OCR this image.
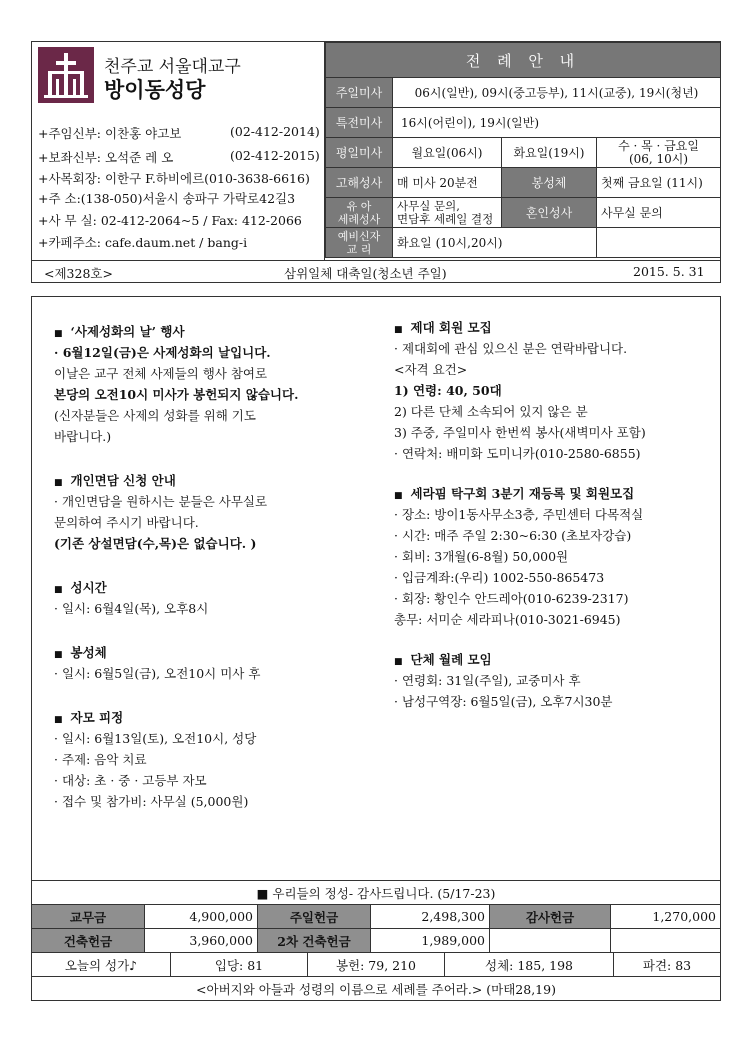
천주교 서울대교구
방이동성당
+주임신부: 이찬홍 야고보	(02-412-2014)
+보좌신부: 오석준 레 오	(02-412-2015)
+사목회장: 이한구 F.하비에르(010-3638-6616)
+주 소:(138-050)서울시 송파구 가락로42길3
+사 무 실: 02-412-2064~5 / Fax: 412-2066
+카페주소: cafe.daum.net / bang-i
전 례 안 내			
주일미사	06시(일반), 09시(중고등부), 11시(교중), 19시(청년)		
특전미사	16시(어린이), 19시(일반)		
평일미사	월요일(06시)	화요일(19시)	수 · 목 · 금요일
(06, 10시)
고해성사	매 미사 20분전	봉성체	첫째 금요일 (11시)
유 아
세례성사	사무실 문의,
면담후 세례일 결정	혼인성사	사무실 문의
예비신자
교 리	화요일 (10시,20시)		
<제328호>	삼위일체 대축일(청소년 주일)	2015. 5. 31
■ ‘사제성화의 날’ 행사
· 6월12일(금)은 사제성화의 날입니다.
이날은 교구 전체 사제들의 행사 참여로
본당의 오전10시 미사가 봉헌되지 않습니다.
(신자분들은 사제의 성화를 위해 기도
바랍니다.)
■ 개인면담 신청 안내
· 개인면담을 원하시는 분들은 사무실로
문의하여 주시기 바랍니다.
(기존 상설면담(수,목)은 없습니다. )
■ 성시간
· 일시: 6월4일(목), 오후8시
■ 봉성체
· 일시: 6월5일(금), 오전10시 미사 후
■ 자모 피정
· 일시: 6월13일(토), 오전10시, 성당
· 주제: 음악 치료
· 대상: 초 · 중 · 고등부 자모
· 접수 및 참가비: 사무실 (5,000원)
■ 제대 회원 모집
· 제대회에 관심 있으신 분은 연락바랍니다.
<자격 요건>
1) 연령: 40, 50대
2) 다른 단체 소속되어 있지 않은 분
3) 주중, 주일미사 한번씩 봉사(새벽미사 포함)
· 연락처: 배미화 도미니카(010-2580-6855)
■ 세라핌 탁구회 3분기 재등록 및 회원모집
· 장소: 방이1동사무소3층, 주민센터 다목적실
· 시간: 매주 주일 2:30~6:30 (초보자강습)
· 회비: 3개월(6-8월) 50,000원
· 입금계좌:(우리) 1002-550-865473
· 회장: 황인수 안드레아(010-6239-2317)
총무: 서미순 세라피나(010-3021-6945)
■ 단체 월례 모임
· 연령회: 31일(주일), 교중미사 후
· 남성구역장: 6월5일(금), 오후7시30분
■ 우리들의 정성- 감사드립니다. (5/17-23)					
교무금	4,900,000	주일헌금	2,498,300	감사헌금	1,270,000
건축헌금	3,960,000	2차 건축헌금	1,989,000		
오늘의 성가♪	입당: 81	봉헌: 79, 210	성체: 185, 198	파견: 83
<아버지와 아들과 성령의 이름으로 세례를 주어라.> (마태28,19)
